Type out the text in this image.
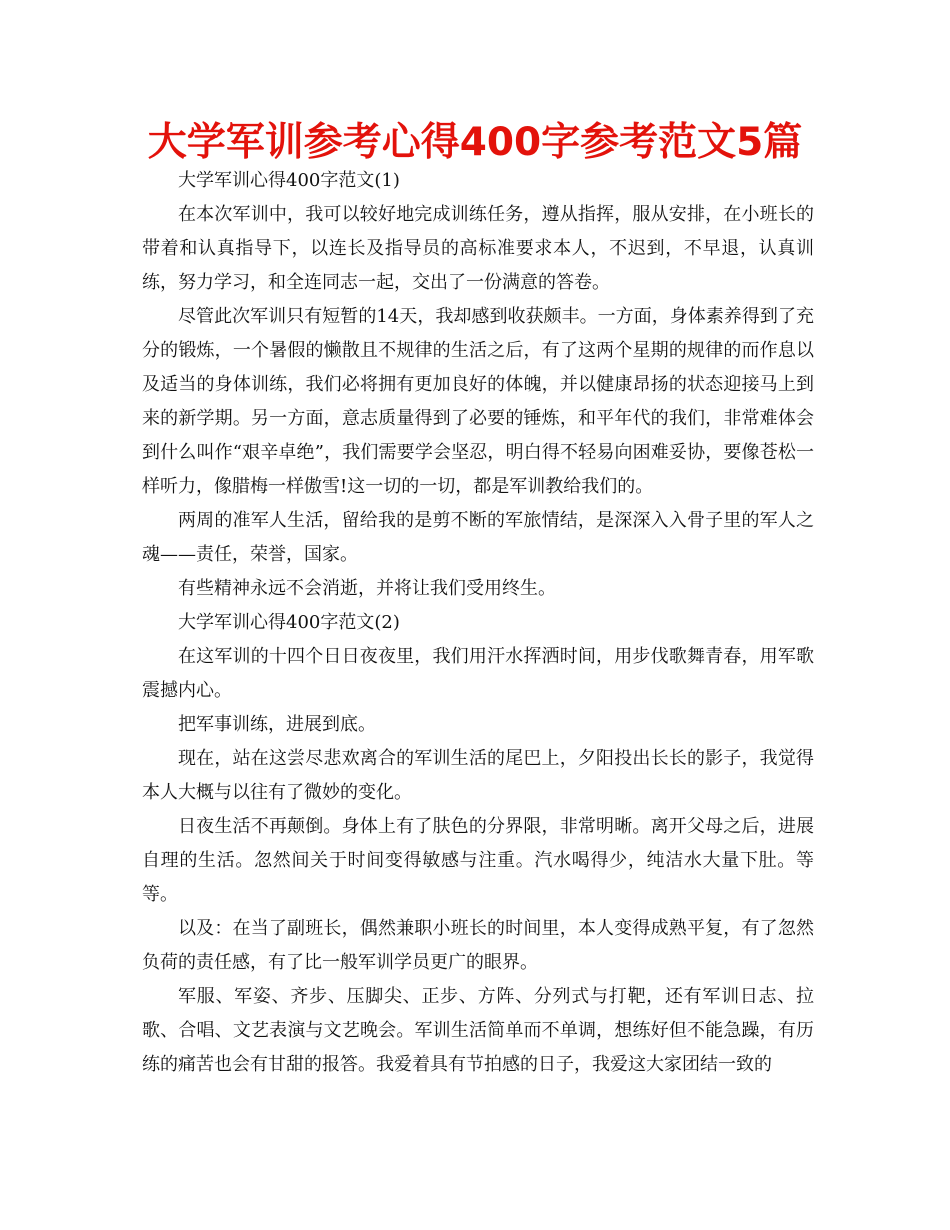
大学军训参考心得400字参考范文5篇

大学军训心得400字范文(1)

在本次军训中，我可以较好地完成训练任务，遵从指挥，服从安排，在小班长的带着和认真指导下，以连长及指导员的高标准要求本人，不迟到，不早退，认真训练，努力学习，和全连同志一起，交出了一份满意的答卷。

尽管此次军训只有短暂的14天，我却感到收获颇丰。一方面，身体素养得到了充分的锻炼，一个暑假的懒散且不规律的生活之后，有了这两个星期的规律的而作息以及适当的身体训练，我们必将拥有更加良好的体魄，并以健康昂扬的状态迎接马上到来的新学期。另一方面，意志质量得到了必要的锤炼，和平年代的我们，非常难体会到什么叫作“艰辛卓绝”，我们需要学会坚忍，明白得不轻易向困难妥协，要像苍松一样听力，像腊梅一样傲雪!这一切的一切，都是军训教给我们的。

两周的准军人生活，留给我的是剪不断的军旅情结，是深深入入骨子里的军人之魂——责任，荣誉，国家。

有些精神永远不会消逝，并将让我们受用终生。

大学军训心得400字范文(2)

在这军训的十四个日日夜夜里，我们用汗水挥洒时间，用步伐歌舞青春，用军歌震撼内心。

把军事训练，进展到底。

现在，站在这尝尽悲欢离合的军训生活的尾巴上，夕阳投出长长的影子，我觉得本人大概与以往有了微妙的变化。

日夜生活不再颠倒。身体上有了肤色的分界限，非常明晰。离开父母之后，进展自理的生活。忽然间关于时间变得敏感与注重。汽水喝得少，纯洁水大量下肚。等等。

以及：在当了副班长，偶然兼职小班长的时间里，本人变得成熟平复，有了忽然负荷的责任感，有了比一般军训学员更广的眼界。

军服、军姿、齐步、压脚尖、正步、方阵、分列式与打靶，还有军训日志、拉歌、合唱、文艺表演与文艺晚会。军训生活简单而不单调，想练好但不能急躁，有历练的痛苦也会有甘甜的报答。我爱着具有节拍感的日子，我爱这大家团结一致的
